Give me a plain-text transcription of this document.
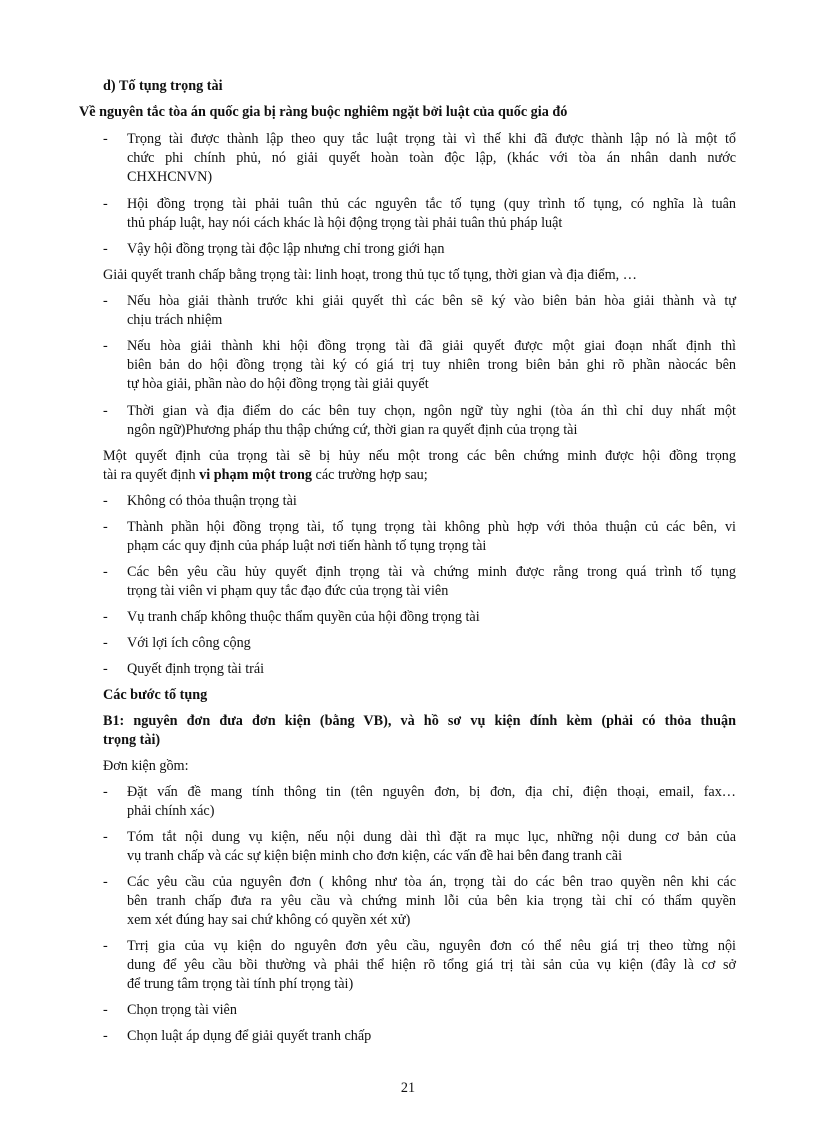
d) Tố tụng trọng tài
Về nguyên tắc tòa án quốc gia bị ràng buộc nghiêm ngặt bởi luật của quốc gia đó
- Trọng tài được thành lập theo quy tắc luật trọng tài vì thế khi đã được thành lập nó là một tổ
chức phi chính phủ, nó giải quyết hoàn toàn độc lập, (khác với tòa án nhân danh nước
CHXHCNVN)
- Hội đồng trọng tài phải tuân thủ các nguyên tắc tố tụng (quy trình tố tụng, có nghĩa là tuân
thủ pháp luật, hay nói cách khác là hội động trọng tài phải tuân thủ pháp luật
- Vậy hội đồng trọng tài độc lập nhưng chỉ trong giới hạn
Giải quyết tranh chấp bằng trọng tài: linh hoạt, trong thủ tục tố tụng, thời gian và địa điểm, …
- Nếu hòa giải thành trước khi giải quyết thì các bên sẽ ký vào biên bản hòa giải thành và tự
chịu trách nhiệm
- Nếu hòa giải thành khi hội đồng trọng tài đã giải quyết được một giai đoạn nhất định thì
biên bản do hội đồng trọng tài ký có giá trị tuy nhiên trong biên bản ghi rõ phần nàocác bên
tự hòa giải, phần nào do hội đồng trọng tài giải quyết
- Thời gian và địa điểm do các bên tuy chọn, ngôn ngữ tùy nghi (tòa án thì chỉ duy nhất một
ngôn ngữ)Phương pháp thu thập chứng cứ, thời gian ra quyết định của trọng tài
Một quyết định của trọng tài sẽ bị hủy nếu một trong các bên chứng minh được hội đồng trọng
tài ra quyết định vi phạm một trong các trường hợp sau;
- Không có thỏa thuận trọng tài
- Thành phần hội đồng trọng tài, tố tụng trọng tài không phù hợp với thỏa thuận củ các bên, vi
phạm các quy định của pháp luật nơi tiến hành tố tụng trọng tài
- Các bên yêu cầu hủy quyết định trọng tài và chứng minh được rằng trong quá trình tố tụng
trọng tài viên vi phạm quy tắc đạo đức của trọng tài viên
- Vụ tranh chấp không thuộc thẩm quyền của hội đồng trọng tài
- Với lợi ích công cộng
- Quyết định trọng tài trái
Các bước tố tụng
B1: nguyên đơn đưa đơn kiện (bằng VB), và hồ sơ vụ kiện đính kèm (phải có thỏa thuận
trọng tài)
Đơn kiện gồm:
- Đặt vấn đề mang tính thông tin (tên nguyên đơn, bị đơn, địa chỉ, điện thoại, email, fax…
phải chính xác)
- Tóm tắt nội dung vụ kiện, nếu nội dung dài thì đặt ra mục lục, những nội dung cơ bản của
vụ tranh chấp và các sự kiện biện minh cho đơn kiện, các vấn đề hai bên đang tranh cãi
- Các yêu cầu của nguyên đơn ( không như tòa án, trọng tài do các bên trao quyền nên khi các
bên tranh chấp đưa ra yêu cầu và chứng minh lỗi của bên kia trọng tài chỉ có thẩm quyền
xem xét đúng hay sai chứ không có quyền xét xử)
- Trrị gia của vụ kiện do nguyên đơn yêu cầu, nguyên đơn có thể nêu giá trị theo từng nội
dung để yêu cầu bồi thường và phải thể hiện rõ tổng giá trị tài sản của vụ kiện (đây là cơ sở
để trung tâm trọng tài tính phí trọng tài)
- Chọn trọng tài viên
- Chọn luật áp dụng để giải quyết tranh chấp
21
